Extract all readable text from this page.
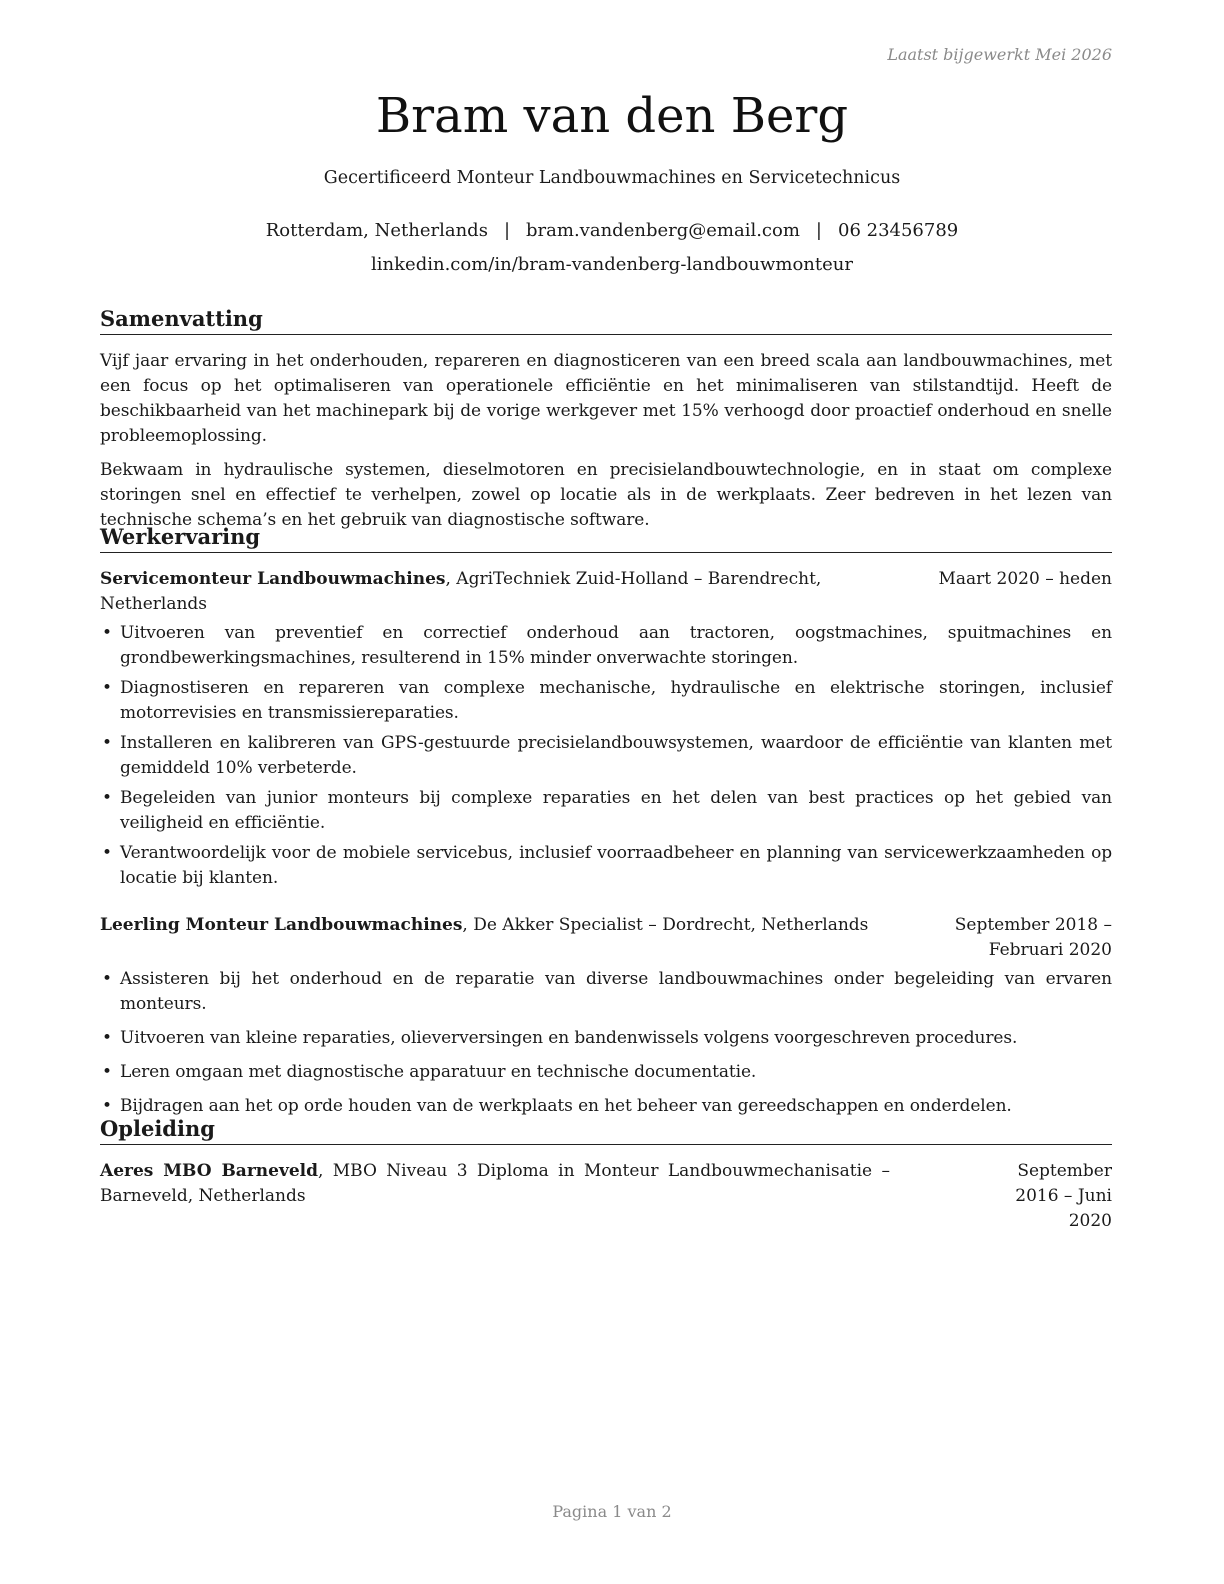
Laatst bijgewerkt Mei 2026
Bram van den Berg
Gecertificeerd Monteur Landbouwmachines en Servicetechnicus
Rotterdam, Netherlands | bram.vandenberg@email.com | 06 23456789
linkedin.com/in/bram-vandenberg-landbouwmonteur
Samenvatting

Vijf jaar ervaring in het onderhouden, repareren en diagnosticeren van een breed scala aan landbouwmachines, met een focus op het optimaliseren van operationele efficiëntie en het minimaliseren van stilstandtijd. Heeft de beschikbaarheid van het machinepark bij de vorige werkgever met 15% verhoogd door proactief onderhoud en snelle probleemoplossing.

Bekwaam in hydraulische systemen, dieselmotoren en precisielandbouwtechnologie, en in staat om complexe storingen snel en effectief te verhelpen, zowel op locatie als in de werkplaats. Zeer bedreven in het lezen van technische schema’s en het gebruik van diagnostische software.

Werkervaring
Servicemonteur Landbouwmachines, AgriTechniek Zuid-Holland – Barendrecht, Netherlands
Maart 2020 – heden
• Uitvoeren van preventief en correctief onderhoud aan tractoren, oogstmachines, spuitmachines en grondbewerkingsmachines, resulterend in 15% minder onverwachte storingen.
• Diagnostiseren en repareren van complexe mechanische, hydraulische en elektrische storingen, inclusief motorrevisies en transmissiereparaties.
• Installeren en kalibreren van GPS-gestuurde precisielandbouwsystemen, waardoor de efficiëntie van klanten met gemiddeld 10% verbeterde.
• Begeleiden van junior monteurs bij complexe reparaties en het delen van best practices op het gebied van veiligheid en efficiëntie.
• Verantwoordelijk voor de mobiele servicebus, inclusief voorraadbeheer en planning van servicewerkzaamheden op locatie bij klanten.
Leerling Monteur Landbouwmachines, De Akker Specialist – Dordrecht, Netherlands	September 2018 – Februari 2020
• Assisteren bij het onderhoud en de reparatie van diverse landbouwmachines onder begeleiding van ervaren monteurs.
• Uitvoeren van kleine reparaties, olieverversingen en bandenwissels volgens voorgeschreven procedures.
• Leren omgaan met diagnostische apparatuur en technische documentatie.
• Bijdragen aan het op orde houden van de werkplaats en het beheer van gereedschappen en onderdelen.
Opleiding
Aeres MBO Barneveld, MBO Niveau 3 Diploma in Monteur Landbouwmechanisatie – Barneveld, Netherlands
September 2016 – Juni 2020
Pagina 1 van 2
